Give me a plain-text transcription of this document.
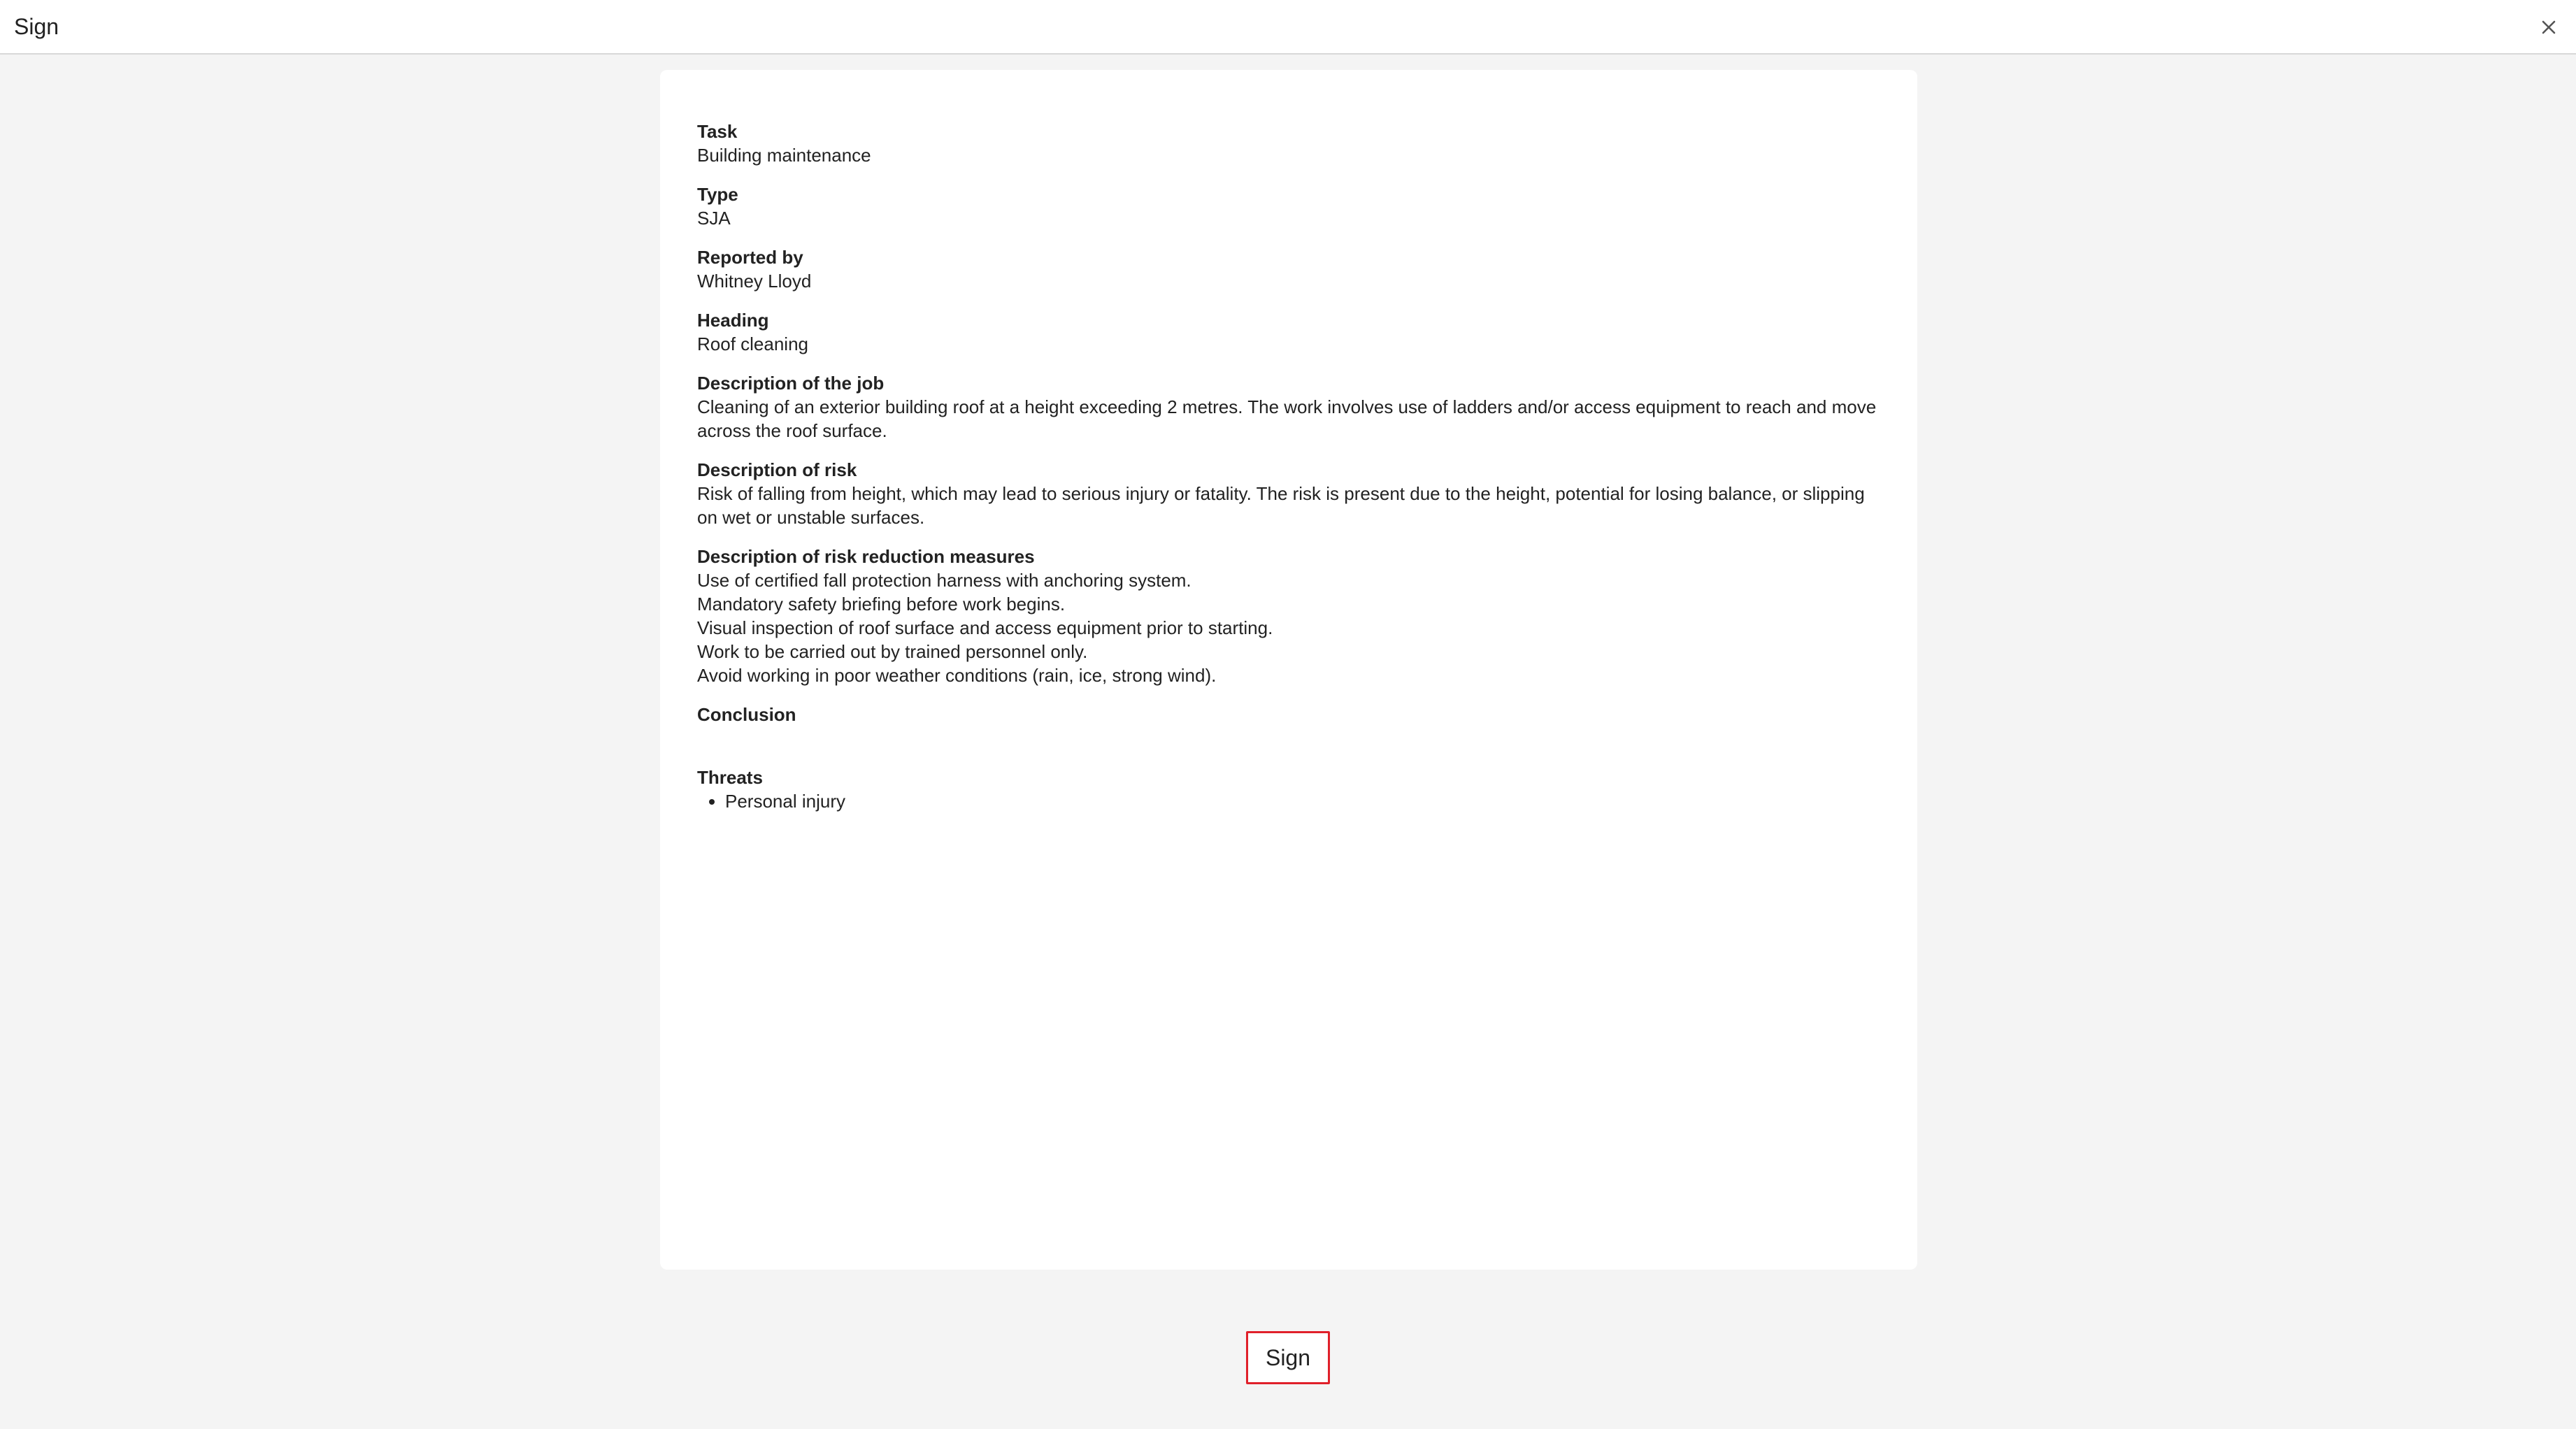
Sign
Task
Building maintenance
Type
SJA
Reported by
Whitney Lloyd
Heading
Roof cleaning
Description of the job
Cleaning of an exterior building roof at a height exceeding 2 metres. The work involves use of ladders and/or access equipment to reach and move across the roof surface.
Description of risk
Risk of falling from height, which may lead to serious injury or fatality. The risk is present due to the height, potential for losing balance, or slipping on wet or unstable surfaces.
Description of risk reduction measures
Use of certified fall protection harness with anchoring system.
Mandatory safety briefing before work begins.
Visual inspection of roof surface and access equipment prior to starting.
Work to be carried out by trained personnel only.
Avoid working in poor weather conditions (rain, ice, strong wind).
Conclusion
Threats
• Personal injury
Sign
